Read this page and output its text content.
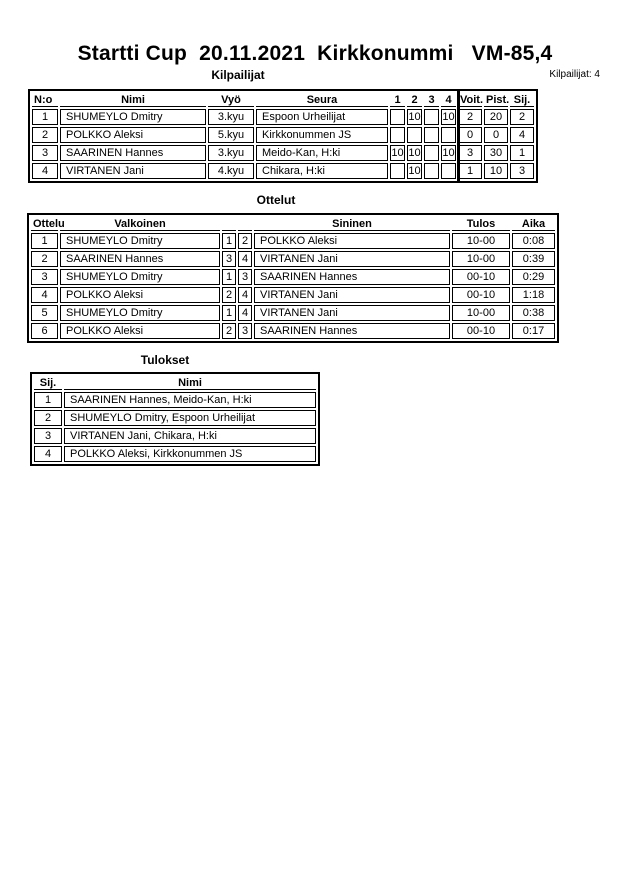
Startti Cup  20.11.2021  Kirkkonummi   VM-85,4
Kilpailijat	Kilpailijat: 4
N:o	Nimi	Vyö	Seura	1	2	3	4	Voit.	Pist.	Sij.
1	SHUMEYLO Dmitry	3.kyu	Espoon Urheilijat		10		10	2	20	2
2	POLKKO Aleksi	5.kyu	Kirkkonummen JS					0	0	4
3	SAARINEN Hannes	3.kyu	Meido-Kan, H:ki	10	10		10	3	30	1
4	VIRTANEN Jani	4.kyu	Chikara, H:ki		10			1	10	3
Ottelut
Ottelu	Valkoinen			Sininen	Tulos	Aika
1	SHUMEYLO Dmitry	1	2	POLKKO Aleksi	10-00	0:08
2	SAARINEN Hannes	3	4	VIRTANEN Jani	10-00	0:39
3	SHUMEYLO Dmitry	1	3	SAARINEN Hannes	00-10	0:29
4	POLKKO Aleksi	2	4	VIRTANEN Jani	00-10	1:18
5	SHUMEYLO Dmitry	1	4	VIRTANEN Jani	10-00	0:38
6	POLKKO Aleksi	2	3	SAARINEN Hannes	00-10	0:17
Tulokset
Sij.	Nimi
1	SAARINEN Hannes, Meido-Kan, H:ki
2	SHUMEYLO Dmitry, Espoon Urheilijat
3	VIRTANEN Jani, Chikara, H:ki
4	POLKKO Aleksi, Kirkkonummen JS
